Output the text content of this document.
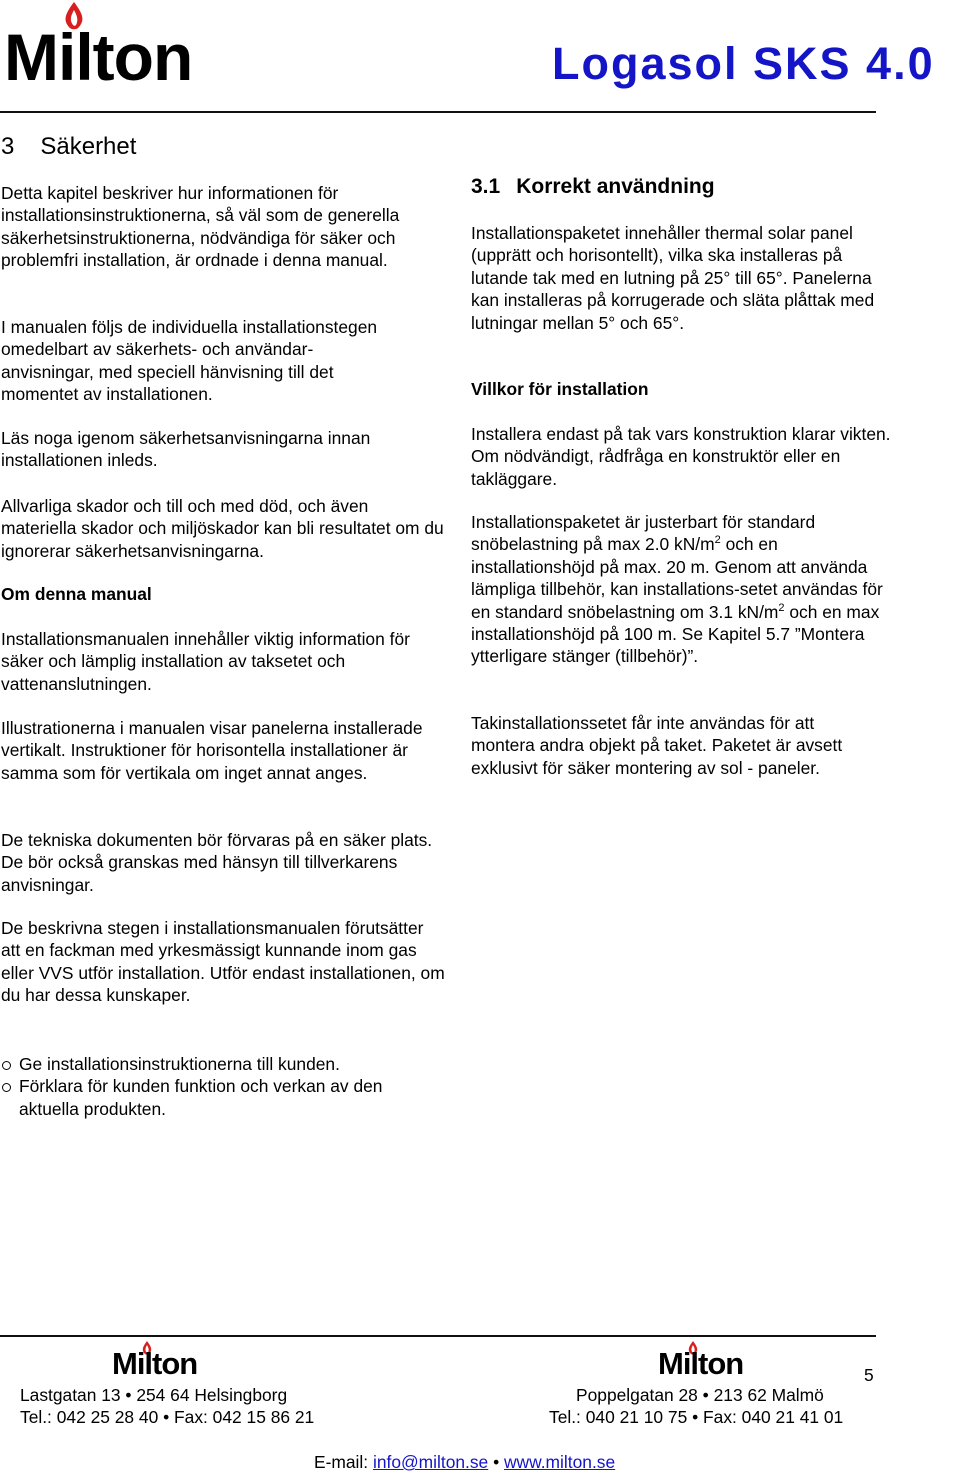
Milton	Logasol SKS 4.0
3 Säkerhet

Detta kapitel beskriver hur informationen för installationsinstruktionerna, så väl som de generella säkerhetsinstruktionerna, nödvändiga för säker och problemfri installation, är ordnade i denna manual.

I manualen följs de individuella installationstegen
omedelbart av säkerhets- och användar-
anvisningar, med speciell hänvisning till det
momentet av installationen.

Läs noga igenom säkerhetsanvisningarna innan installationen inleds.

Allvarliga skador och till och med död, och även materiella skador och miljöskador kan bli resultatet om du ignorerar säkerhetsanvisningarna.

Om denna manual

Installationsmanualen innehåller viktig information för säker och lämplig installation av taksetet och vattenanslutningen.

Illustrationerna i manualen visar panelerna installerade vertikalt. Instruktioner för horisontella installationer är samma som för vertikala om inget annat anges.

De tekniska dokumenten bör förvaras på en säker plats. De bör också granskas med hänsyn till tillverkarens anvisningar.

De beskrivna stegen i installationsmanualen förutsätter att en fackman med yrkesmässigt kunnande inom gas eller VVS utför installation. Utför endast installationen, om du har dessa kunskaper.

Ge installationsinstruktionerna till kunden.
Förklara för kunden funktion och verkan av den aktuella produkten.
3.1 Korrekt användning

Installationspaketet innehåller thermal solar panel (upprätt och horisontellt), vilka ska installeras på lutande tak med en lutning på 25° till 65°. Panelerna kan installeras på korrugerade och släta plåttak med lutningar mellan 5° och 65°.

Villkor för installation

Installera endast på tak vars konstruktion klarar vikten. Om nödvändigt, rådfråga en konstruktör eller en takläggare.

Installationspaketet är justerbart för standard snöbelastning på max 2.0 $kN/m^2$ och en installationshöjd på max. 20 m. Genom att använda lämpliga tillbehör, kan installations-setet användas för en standard snöbelastning om 3.1 $kN/m^2$ och en max installationshöjd på 100 m. Se Kapitel 5.7 ”Montera ytterligare stänger (tillbehör)”.

Takinstallationssetet får inte användas för att montera andra objekt på taket. Paketet är avsett exklusivt för säker montering av sol - paneler.

Milton	Milton	5
Lastgatan 13 • 254 64 Helsingborg
Tel.: 042 25 28 40 • Fax: 042 15 86 21
Poppelgatan 28 • 213 62 Malmö
Tel.: 040 21 10 75 • Fax: 040 21 41 01
E-mail: info@milton.se • www.milton.se
